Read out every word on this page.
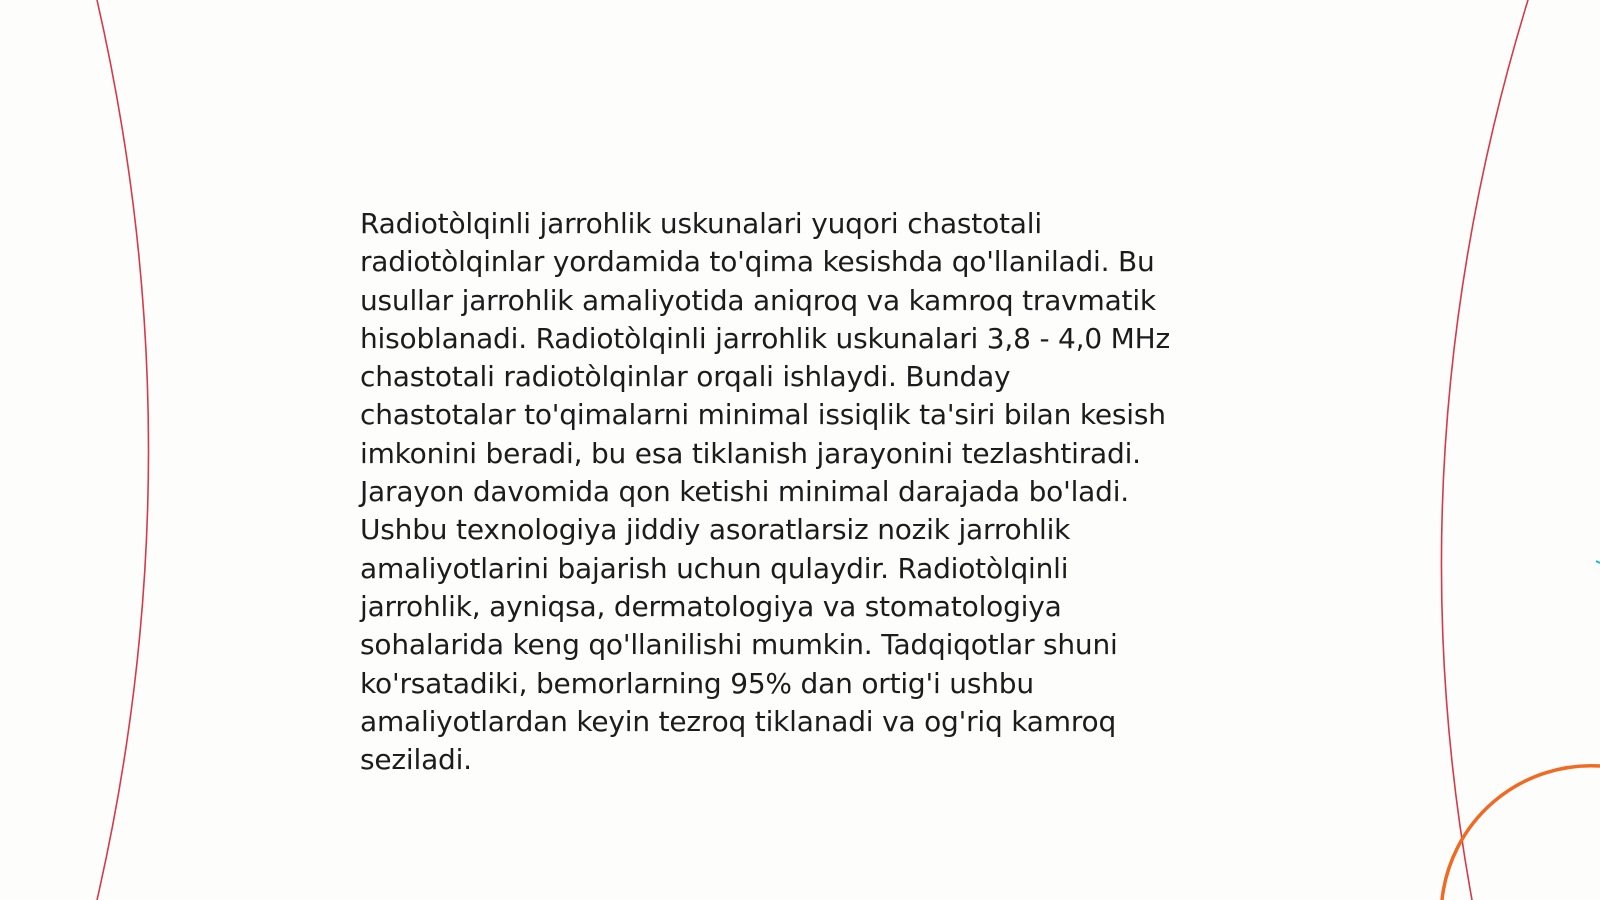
Radiotòlqinli jarrohlik uskunalari yuqori chastotali
radiotòlqinlar yordamida to'qima kesishda qo'llaniladi. Bu
usullar jarrohlik amaliyotida aniqroq va kamroq travmatik
hisoblanadi. Radiotòlqinli jarrohlik uskunalari 3,8 - 4,0 MHz
chastotali radiotòlqinlar orqali ishlaydi. Bunday
chastotalar to'qimalarni minimal issiqlik ta'siri bilan kesish
imkonini beradi, bu esa tiklanish jarayonini tezlashtiradi.
Jarayon davomida qon ketishi minimal darajada bo'ladi.
Ushbu texnologiya jiddiy asoratlarsiz nozik jarrohlik
amaliyotlarini bajarish uchun qulaydir. Radiotòlqinli
jarrohlik, ayniqsa, dermatologiya va stomatologiya
sohalarida keng qo'llanilishi mumkin. Tadqiqotlar shuni
ko'rsatadiki, bemorlarning 95% dan ortig'i ushbu
amaliyotlardan keyin tezroq tiklanadi va og'riq kamroq
seziladi.
